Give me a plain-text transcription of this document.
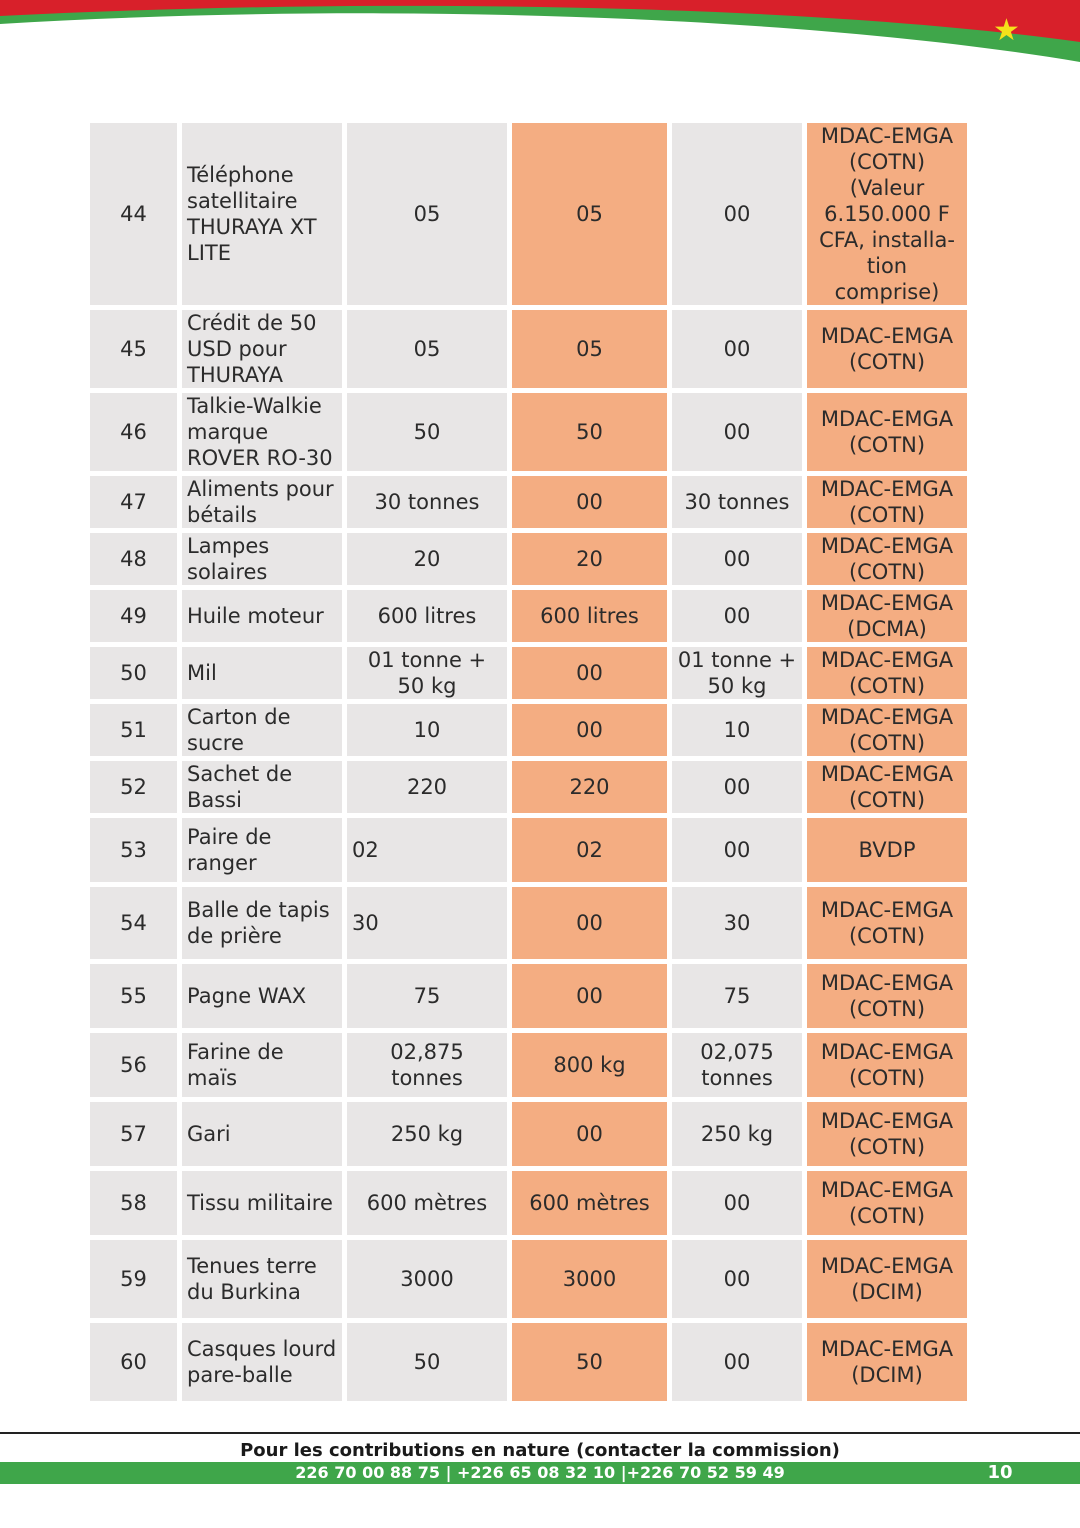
★
44	Téléphone satellitaire THURAYA XT LITE	05	05	00	MDAC-EMGA (COTN)(Valeur 6.150.000 F CFA, installa-tion comprise)
45	Crédit de 50 USD pour THURAYA	05	05	00	MDAC-EMGA (COTN)
46	Talkie-Walkie marque ROVER RO-30	50	50	00	MDAC-EMGA (COTN)
47	Aliments pour bétails	30 tonnes	00	30 tonnes	MDAC-EMGA (COTN)
48	Lampes solaires	20	20	00	MDAC-EMGA (COTN)
49	Huile moteur	600 litres	600 litres	00	MDAC-EMGA (DCMA)
50	Mil	01 tonne + 50 kg	00	01 tonne + 50 kg	MDAC-EMGA (COTN)
51	Carton de sucre	10	00	10	MDAC-EMGA (COTN)
52	Sachet de Bassi	220	220	00	MDAC-EMGA (COTN)
53	Paire de ranger	02	02	00	BVDP
54	Balle de tapis de prière	30	00	30	MDAC-EMGA (COTN)
55	Pagne WAX	75	00	75	MDAC-EMGA (COTN)
56	Farine de maïs	02,875 tonnes	800 kg	02,075 tonnes	MDAC-EMGA (COTN)
57	Gari	250 kg	00	250 kg	MDAC-EMGA (COTN)
58	Tissu militaire	600 mètres	600 mètres	00	MDAC-EMGA (COTN)
59	Tenues terre du Burkina	3000	3000	00	MDAC-EMGA (DCIM)
60	Casques lourd pare-balle	50	50	00	MDAC-EMGA (DCIM)
Pour les contributions en nature (contacter la commission)
226 70 00 88 75 | +226 65 08 32 10 |+226 70 52 59 49	10
